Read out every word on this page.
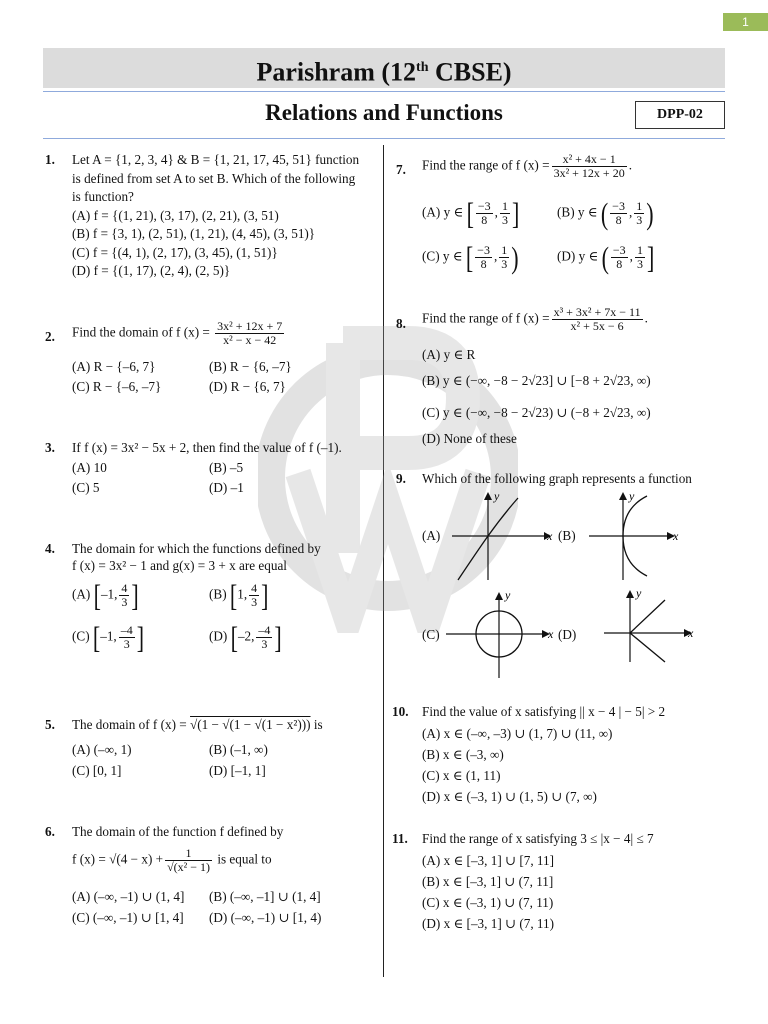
1
Parishram (12th CBSE)
Relations and Functions	DPP-02
1. Let A = {1, 2, 3, 4} & B = {1, 21, 17, 45, 51} function
is defined from set A to set B. Which of the following
is function?
(A) f = {(1, 21), (3, 17), (2, 21), (3, 51)
(B) f = {3, 1), (2, 51), (1, 21), (4, 45), (3, 51)}
(C) f = {(4, 1), (2, 17), (3, 45), (1, 51)}
(D) f = {(1, 17), (2, 4), (2, 5)}
2. Find the domain of f $(x) = \frac{\text{3x² + 12x + 7}}{\text{x² − x − 42}}$
(A) R − {–6, 7}	(B) R − {6, –7}
(C) R − {–6, –7}	(D) R − {6, 7}
3. If f (x) = 3x² − 5x + 2, then find the value of f (–1).
(A) 10	(B) –5
(C) 5	(D) –1
4. The domain for which the functions defined by
f (x) = 3x² − 1 and g(x) = 3 + x are equal
(A) [–1, $\frac{4}{3}$ ]	(B) [1, $\frac{4}{3}$ ]
(C) [–1, $\frac{-4}{3}$ ]	(D) [–2, $\frac{-4}{3}$ ]
5. The domain of f (x) = √(1 − √(1 − √(1 − x²))) is
(A) (–∞, 1)	(B) (–1, ∞)
(C) [0, 1]	(D) [–1, 1]
6. The domain of the function f defined by
f $(x) = √(4 - x) + \frac{1}{\text{√(x² − 1)}}$ is equal to
(A) (–∞, –1) ∪ (1, 4] (B) (–∞, –1] ∪ (1, 4]
(C) (–∞, –1) ∪ [1, 4] (D) (–∞, –1) ∪ [1, 4)
7. Find the range of f $(x) = \frac{\text{x² + 4x − 1}}{\text{3x² + 12x + 20}}$ .
(A) y ∈ [ $\frac{-3}{8}$ , $\frac{1}{3}$ ]	(B) y ∈ ( $\frac{-3}{8}$ , $\frac{1}{3}$ )
(C) y ∈ [ $\frac{-3}{8}$ , $\frac{1}{3}$ )	(D) y ∈ ( $\frac{-3}{8}$ , $\frac{1}{3}$ ]
8. Find the range of f $(x) = \frac{\text{x³ + 3x² + 7x − 11}}{\text{x² + 5x − 6}}$ .
(A) y ∈ R
(B) y ∈ (−∞, −8 − 2√23] ∪ [−8 + 2√23, ∞)
(C) y ∈ (−∞, −8 − 2√23) ∪ (−8 + 2√23, ∞)
(D) None of these
9. Which of the following graph represents a function
(A)	x
y
(B)	x
y
(C)	x
y
(D)	x
y
10. Find the value of x satisfying || x − 4 | − 5| > 2
(A) x ∈ (–∞, –3) ∪ (1, 7) ∪ (11, ∞)
(B) x ∈ (–3, ∞)
(C) x ∈ (1, 11)
(D) x ∈ (–3, 1) ∪ (1, 5) ∪ (7, ∞)
11. Find the range of x satisfying 3 ≤ |x − 4| ≤ 7
(A) x ∈ [–3, 1] ∪ [7, 11]
(B) x ∈ [–3, 1] ∪ (7, 11]
(C) x ∈ (–3, 1) ∪ (7, 11)
(D) x ∈ [–3, 1] ∪ (7, 11)
